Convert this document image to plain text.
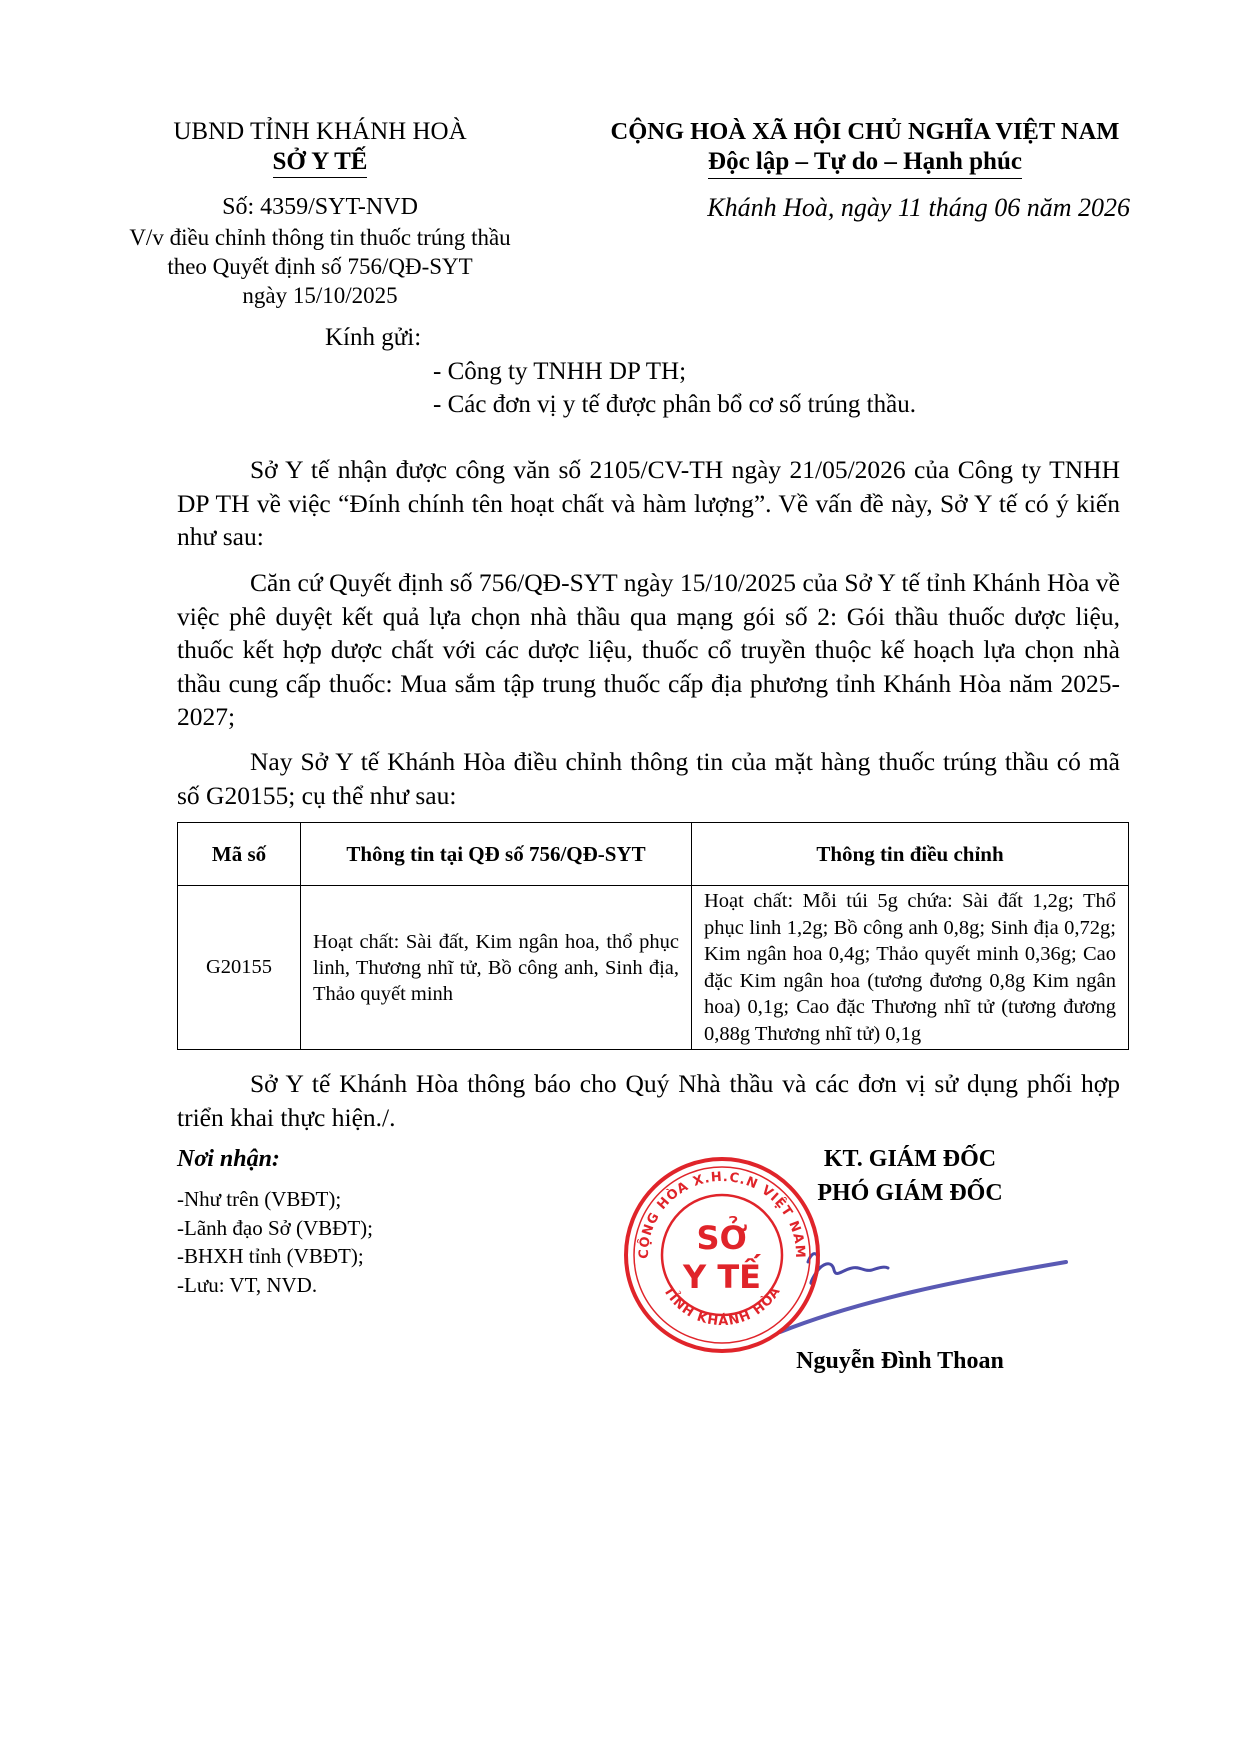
UBND TỈNH KHÁNH HOÀ
SỞ Y TẾ
CỘNG HOÀ XÃ HỘI CHỦ NGHĨA VIỆT NAM
Độc lập – Tự do – Hạnh phúc
Số: 4359/SYT-NVD
V/v điều chỉnh thông tin thuốc trúng thầu
theo Quyết định số 756/QĐ-SYT
ngày 15/10/2025
Khánh Hoà, ngày 11 tháng 06 năm 2026
Kính gửi:
- Công ty TNHH DP TH;
- Các đơn vị y tế được phân bổ cơ số trúng thầu.
Sở Y tế nhận được công văn số 2105/CV-TH ngày 21/05/2026 của Công ty TNHH DP TH về việc “Đính chính tên hoạt chất và hàm lượng”. Về vấn đề này, Sở Y tế có ý kiến như sau:
Căn cứ Quyết định số 756/QĐ-SYT ngày 15/10/2025 của Sở Y tế tỉnh Khánh Hòa về việc phê duyệt kết quả lựa chọn nhà thầu qua mạng gói số 2: Gói thầu thuốc dược liệu, thuốc kết hợp dược chất với các dược liệu, thuốc cổ truyền thuộc kế hoạch lựa chọn nhà thầu cung cấp thuốc: Mua sắm tập trung thuốc cấp địa phương tỉnh Khánh Hòa năm 2025-2027;
Nay Sở Y tế Khánh Hòa điều chỉnh thông tin của mặt hàng thuốc trúng thầu có mã số G20155; cụ thể như sau:
Mã số	Thông tin tại QĐ số 756/QĐ-SYT	Thông tin điều chỉnh
G20155	Hoạt chất: Sài đất, Kim ngân hoa, thổ phục linh, Thương nhĩ tử, Bồ công anh, Sinh địa, Thảo quyết minh	Hoạt chất: Mỗi túi 5g chứa: Sài đất 1,2g; Thổ phục linh 1,2g; Bồ công anh 0,8g; Sinh địa 0,72g; Kim ngân hoa 0,4g; Thảo quyết minh 0,36g; Cao đặc Kim ngân hoa (tương đương 0,8g Kim ngân hoa) 0,1g; Cao đặc Thương nhĩ tử (tương đương 0,88g Thương nhĩ tử) 0,1g
Sở Y tế Khánh Hòa thông báo cho Quý Nhà thầu và các đơn vị sử dụng phối hợp triển khai thực hiện./.
Nơi nhận:
-Như trên (VBĐT);
-Lãnh đạo Sở (VBĐT);
-BHXH tỉnh (VBĐT);
-Lưu: VT, NVD.
KT. GIÁM ĐỐC
PHÓ GIÁM ĐỐC
CỘNG HÒA X.H.C.N VIỆT NAM
TỈNH KHÁNH HÒA
SỞ
Y TẾ
Nguyễn Đình Thoan
